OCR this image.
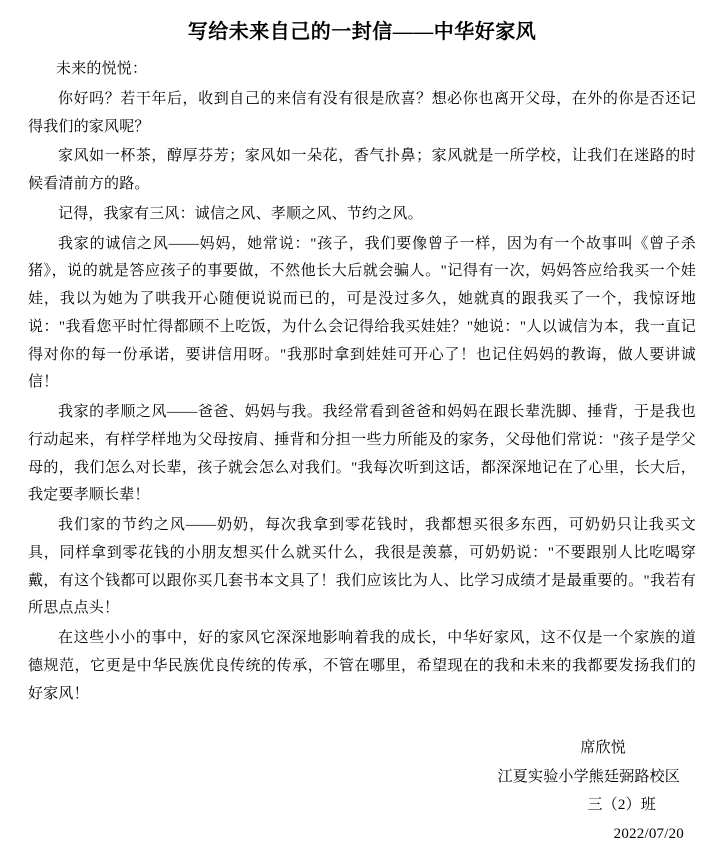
写给未来自己的一封信——中华好家风

未来的悦悦：

你好吗？若干年后，收到自己的来信有没有很是欣喜？想必你也离开父母，在外的你是否还记得我们的家风呢？

家风如一杯茶，醇厚芬芳；家风如一朵花，香气扑鼻；家风就是一所学校，让我们在迷路的时候看清前方的路。

记得，我家有三风：诚信之风、孝顺之风、节约之风。

我家的诚信之风——妈妈，她常说："孩子，我们要像曾子一样，因为有一个故事叫《曾子杀猪》，说的就是答应孩子的事要做，不然他长大后就会骗人。"记得有一次，妈妈答应给我买一个娃娃，我以为她为了哄我开心随便说说而已的，可是没过多久，她就真的跟我买了一个，我惊讶地说："我看您平时忙得都顾不上吃饭，为什么会记得给我买娃娃？"她说："人以诚信为本，我一直记得对你的每一份承诺，要讲信用呀。"我那时拿到娃娃可开心了！也记住妈妈的教诲，做人要讲诚信！

我家的孝顺之风——爸爸、妈妈与我。我经常看到爸爸和妈妈在跟长辈洗脚、捶背，于是我也行动起来，有样学样地为父母按肩、捶背和分担一些力所能及的家务，父母他们常说："孩子是学父母的，我们怎么对长辈，孩子就会怎么对我们。"我每次听到这话，都深深地记在了心里，长大后，我定要孝顺长辈！

我们家的节约之风——奶奶，每次我拿到零花钱时，我都想买很多东西，可奶奶只让我买文具，同样拿到零花钱的小朋友想买什么就买什么，我很是羡慕，可奶奶说："不要跟别人比吃喝穿戴，有这个钱都可以跟你买几套书本文具了！我们应该比为人、比学习成绩才是最重要的。"我若有所思点点头！

在这些小小的事中，好的家风它深深地影响着我的成长，中华好家风，这不仅是一个家族的道德规范，它更是中华民族优良传统的传承，不管在哪里，希望现在的我和未来的我都要发扬我们的好家风！

席欣悦
江夏实验小学熊廷弼路校区
三（2）班
2022/07/20
